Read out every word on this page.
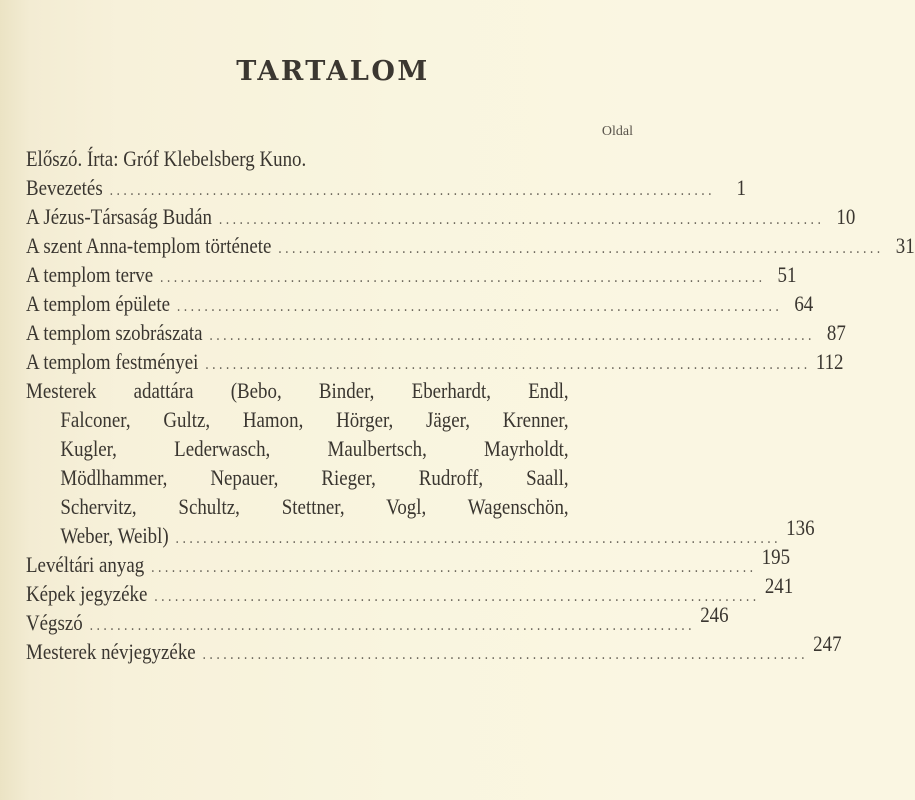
TARTALOM
Oldal
Előszó. Írta: Gróf Klebelsberg Kuno.
Bevezetés . . .	1
A Jézus-Társaság Budán . . .	10
A szent Anna-templom története . . .	31
A templom terve . . .	51
A templom épülete . . .	64
A templom szobrászata . . .	87
A templom festményei . . .	112
Mesterek adattára (Bebo, Binder, Eberhardt, Endl,
Falconer, Gultz, Hamon, Hörger, Jäger, Krenner,
Kugler, Lederwasch, Maulbertsch, Mayrholdt,
Mödlhammer, Nepauer, Rieger, Rudroff, Saall,
Schervitz, Schultz, Stettner, Vogl, Wagenschön,
Weber, Weibl) . . .	136
Levéltári anyag . . .	195
Képek jegyzéke . . .	241
Végszó . . .	246
Mesterek névjegyzéke . . .	247
